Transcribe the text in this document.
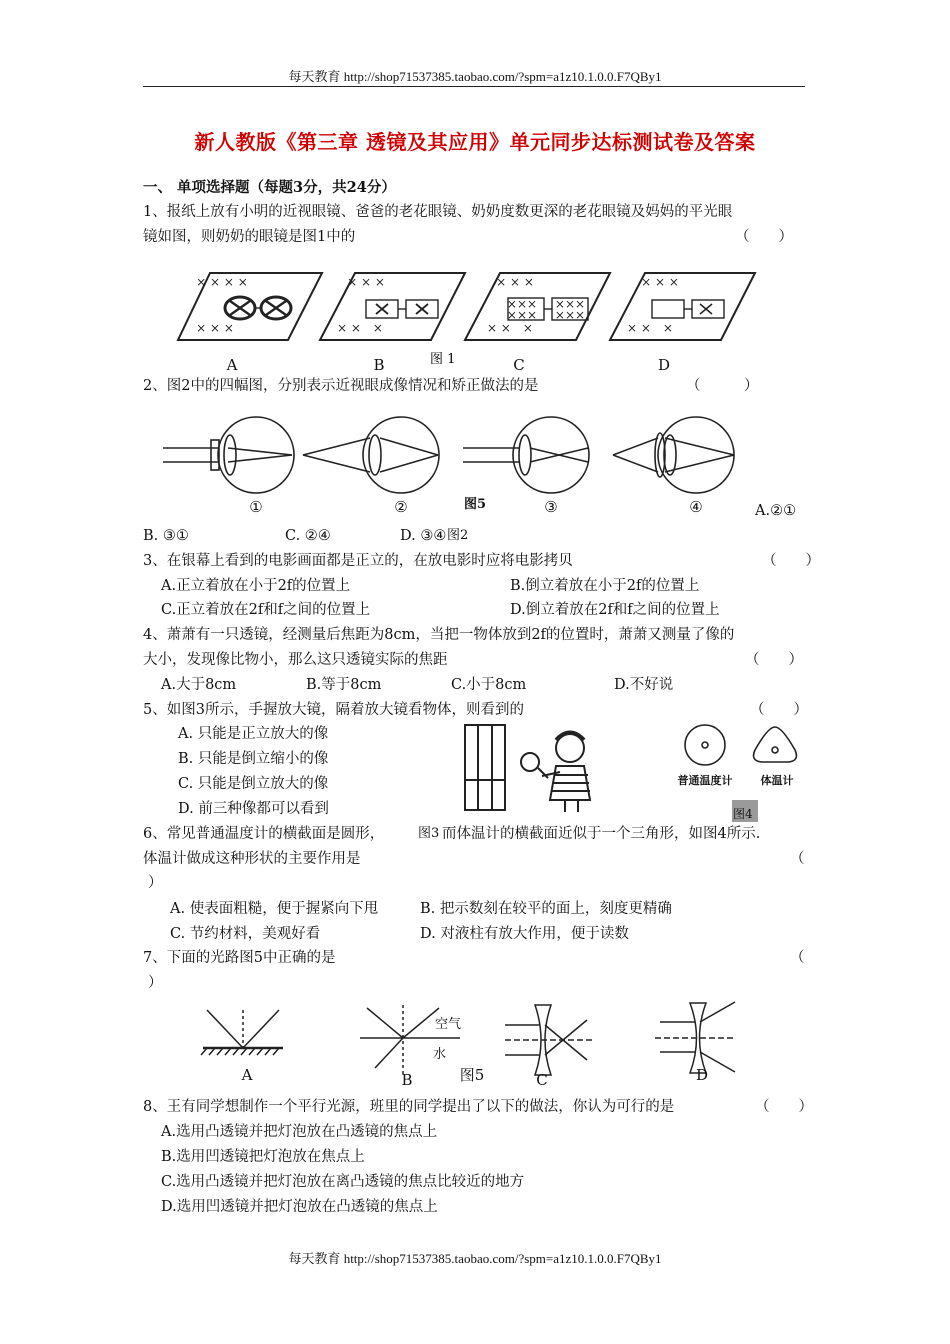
每天教育 http://shop71537385.taobao.com/?spm=a1z10.1.0.0.F7QBy1
新人教版《第三章 透镜及其应用》单元同步达标测试卷及答案
一、 单项选择题（每题3分，共24分）
1、报纸上放有小明的近视眼镜、爸爸的老花眼镜、奶奶度数更深的老花眼镜及妈妈的平光眼
镜如图，则奶奶的眼镜是图1中的	（　　）
× × × ×
× × ×
× × ×
× ×　×
× × ×
× ×　×
××× ×××
××× ×××
× × ×
× ×　×
A	B	C	D
图 1
2、图2中的四幅图，分别表示近视眼成像情况和矫正做法的是	（　　　）
①	②	③	④
图5	A.②①
B. ③①	C. ②④	D. ③④ 图2
3、在银幕上看到的电影画面都是正立的，在放电影时应将电影拷贝	（　　）
A.正立着放在小于2f的位置上	B.倒立着放在小于2f的位置上
C.正立着放在2f和f之间的位置上	D.倒立着放在2f和f之间的位置上
4、萧萧有一只透镜，经测量后焦距为8cm，当把一物体放到2f的位置时，萧萧又测量了像的
大小，发现像比物小，那么这只透镜实际的焦距	（　　）
A.大于8cm	B.等于8cm	C.小于8cm	D.不好说
5、如图3所示，手握放大镜，隔着放大镜看物体，则看到的	（　　）
A. 只能是正立放大的像
B. 只能是倒立缩小的像
C. 只能是倒立放大的像
D. 前三种像都可以看到
普通温度计	体温计
图4
6、常见普通温度计的横截面是圆形，	图3 而体温计的横截面近似于一个三角形，如图4所示.
体温计做成这种形状的主要作用是	（
）
A. 使表面粗糙，便于握紧向下甩	B. 把示数刻在较平的面上，刻度更精确
C. 节约材料，美观好看	D. 对液柱有放大作用，便于读数
7、下面的光路图5中正确的是	（
）
空气
水
A	B	C	D
图5
8、王有同学想制作一个平行光源，班里的同学提出了以下的做法，你认为可行的是	（　　）
A.选用凸透镜并把灯泡放在凸透镜的焦点上
B.选用凹透镜把灯泡放在焦点上
C.选用凸透镜并把灯泡放在离凸透镜的焦点比较近的地方
D.选用凹透镜并把灯泡放在凸透镜的焦点上
每天教育 http://shop71537385.taobao.com/?spm=a1z10.1.0.0.F7QBy1
